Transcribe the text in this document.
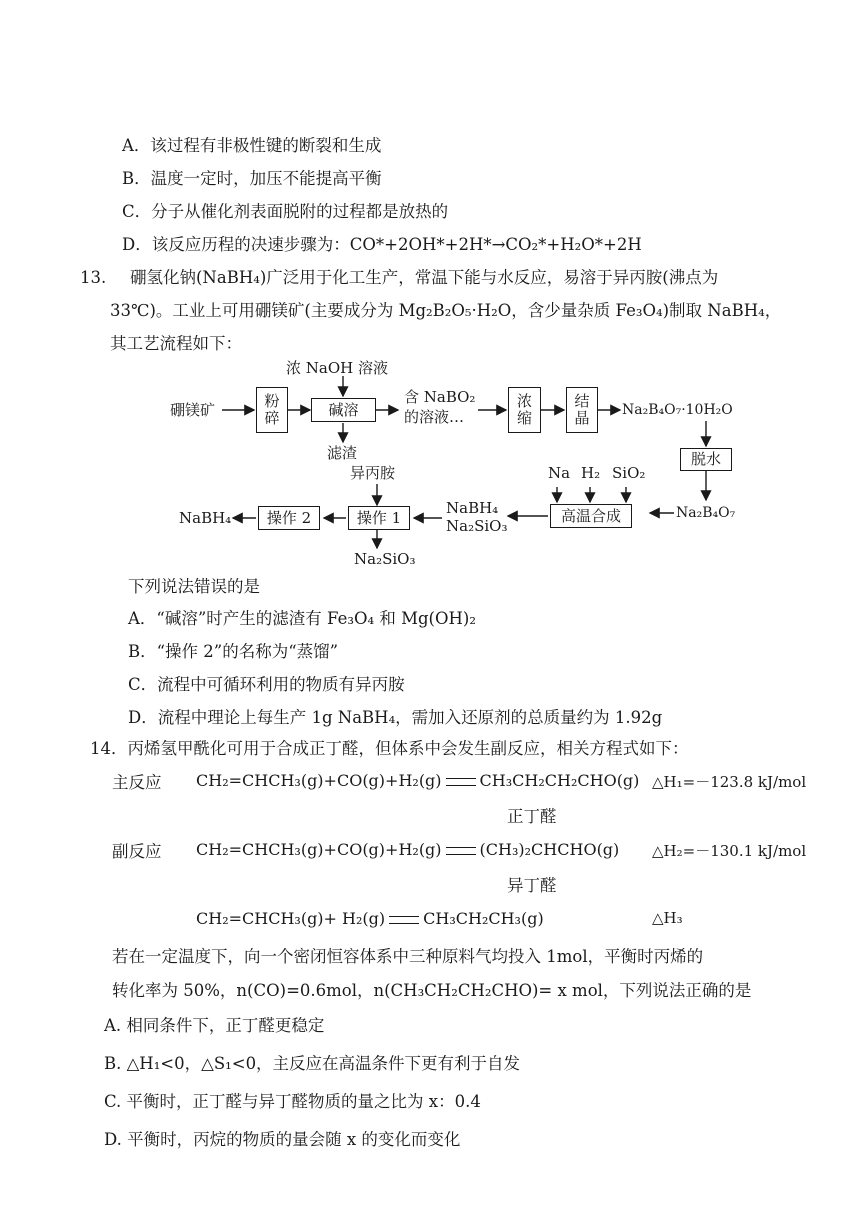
A．该过程有非极性键的断裂和生成
B．温度一定时，加压不能提高平衡
C．分子从催化剂表面脱附的过程都是放热的
D．该反应历程的决速步骤为：CO*+2OH*+2H*→CO₂*+H₂O*+2H
13. 硼氢化钠(NaBH₄)广泛用于化工生产，常温下能与水反应，易溶于异丙胺(沸点为
33℃)。工业上可用硼镁矿(主要成分为 Mg₂B₂O₅·H₂O，含少量杂质 Fe₃O₄)制取 NaBH₄，
其工艺流程如下：
硼镁矿	粉
碎
浓 NaOH 溶液
碱溶
滤渣
含 NaBO₂
的溶液…
浓
缩
结
晶 Na₂B₄O₇·10H₂O
脱水
Na₂B₄O₇
Na H₂ SiO₂
高温合成
NaBH₄
Na₂SiO₃
异丙胺
操作 1
Na₂SiO₃
操作 2
NaBH₄
下列说法错误的是
A．“碱溶”时产生的滤渣有 Fe₃O₄ 和 Mg(OH)₂
B．“操作 2”的名称为“蒸馏”
C．流程中可循环利用的物质有异丙胺
D．流程中理论上每生产 1g NaBH₄，需加入还原剂的总质量约为 1.92g
14．丙烯氢甲酰化可用于合成正丁醛，但体系中会发生副反应，相关方程式如下：
主反应 CH₂=CHCH₃(g)+CO(g)+H₂(g) CH₃CH₂CH₂CHO(g) △H₁=－123.8 kJ/mol
正丁醛
副反应 CH₂=CHCH₃(g)+CO(g)+H₂(g) (CH₃)₂CHCHO(g) △H₂=－130.1 kJ/mol
异丁醛
CH₂=CHCH₃(g)+ H₂(g) CH₃CH₂CH₃(g)	△H₃
若在一定温度下，向一个密闭恒容体系中三种原料气均投入 1mol，平衡时丙烯的
转化率为 50%，n(CO)=0.6mol，n(CH₃CH₂CH₂CHO)= x mol，下列说法正确的是
A. 相同条件下，正丁醛更稳定
B. △H₁<0，△S₁<0，主反应在高温条件下更有利于自发
C. 平衡时，正丁醛与异丁醛物质的量之比为 x：0.4
D. 平衡时，丙烷的物质的量会随 x 的变化而变化
